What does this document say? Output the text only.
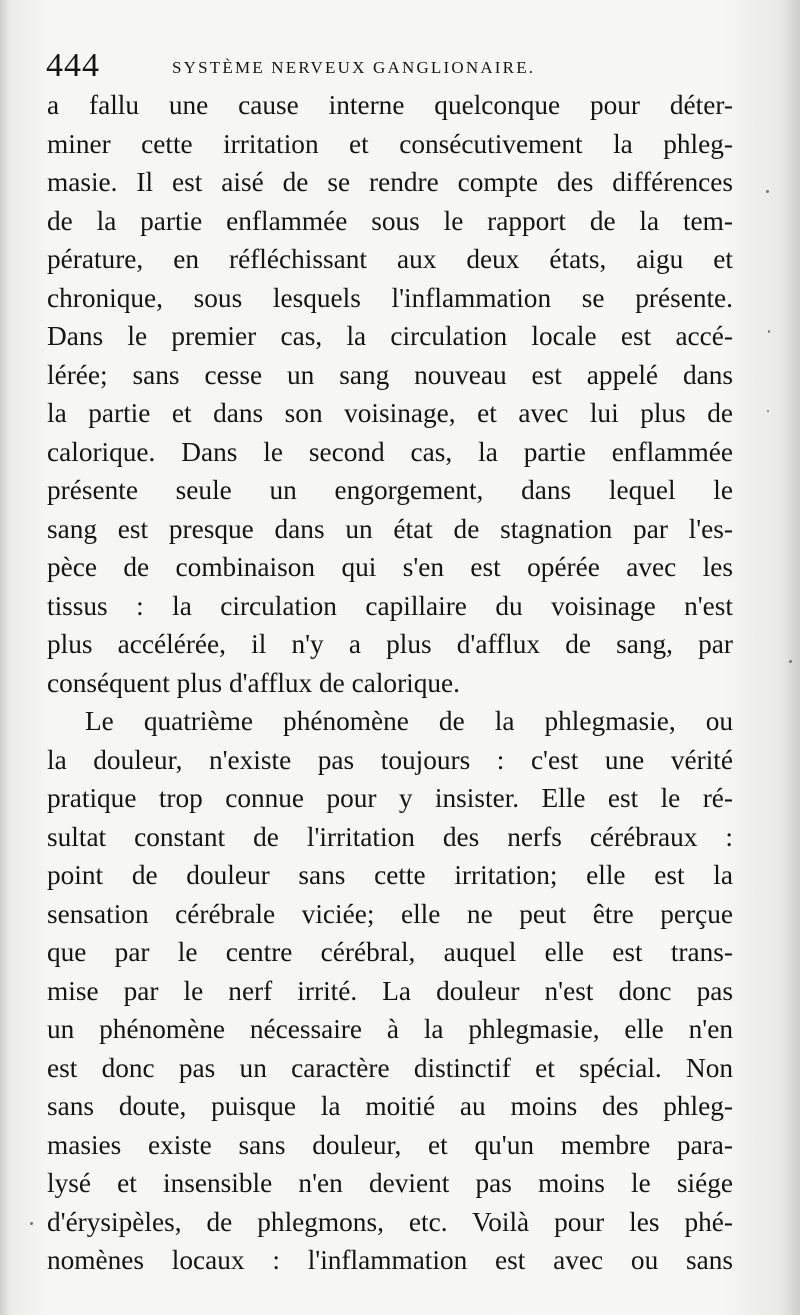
444	SYSTÈME NERVEUX GANGLIONAIRE.
a fallu une cause interne quelconque pour déter-
miner cette irritation et consécutivement la phleg-
masie. Il est aisé de se rendre compte des différences
de la partie enflammée sous le rapport de la tem-
pérature, en réfléchissant aux deux états, aigu et
chronique, sous lesquels l'inflammation se présente.
Dans le premier cas, la circulation locale est accé-
lérée; sans cesse un sang nouveau est appelé dans
la partie et dans son voisinage, et avec lui plus de
calorique. Dans le second cas, la partie enflammée
présente seule un engorgement, dans lequel le
sang est presque dans un état de stagnation par l'es-
pèce de combinaison qui s'en est opérée avec les
tissus : la circulation capillaire du voisinage n'est
plus accélérée, il n'y a plus d'afflux de sang, par
conséquent plus d'afflux de calorique.
Le quatrième phénomène de la phlegmasie, ou
la douleur, n'existe pas toujours : c'est une vérité
pratique trop connue pour y insister. Elle est le ré-
sultat constant de l'irritation des nerfs cérébraux :
point de douleur sans cette irritation; elle est la
sensation cérébrale viciée; elle ne peut être perçue
que par le centre cérébral, auquel elle est trans-
mise par le nerf irrité. La douleur n'est donc pas
un phénomène nécessaire à la phlegmasie, elle n'en
est donc pas un caractère distinctif et spécial. Non
sans doute, puisque la moitié au moins des phleg-
masies existe sans douleur, et qu'un membre para-
lysé et insensible n'en devient pas moins le siége
d'érysipèles, de phlegmons, etc. Voilà pour les phé-
nomènes locaux : l'inflammation est avec ou sans
